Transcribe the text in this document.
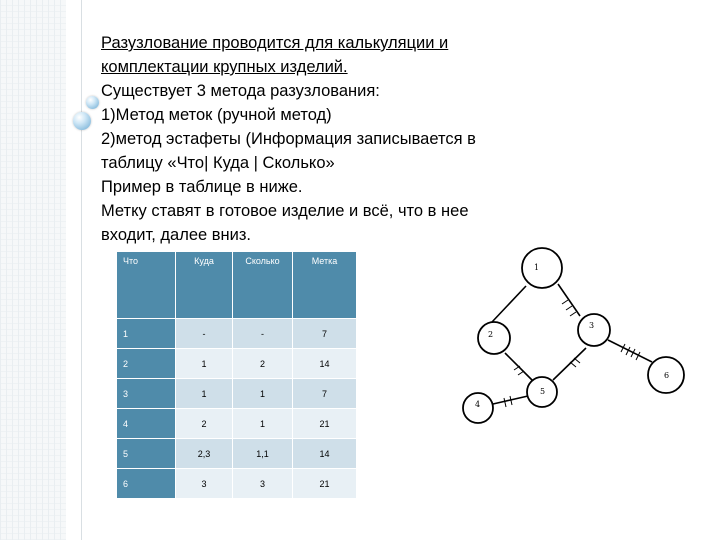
Разузлование проводится для калькуляции и

комплектации крупных изделий.

Существует 3 метода разузлования:

1)Метод меток (ручной метод)

2)метод эстафеты (Информация записывается в

таблицу «Что| Куда | Сколько»

Пример в таблице в ниже.

Метку ставят в готовое изделие и всё, что в нее

входит, далее вниз.

Что	Куда	Сколько	Метка
1	-	-	7
2	1	2	14
3	1	1	7
4	2	1	21
5	2,3	1,1	14
6	3	3	21
1
2
3
4
5
6
